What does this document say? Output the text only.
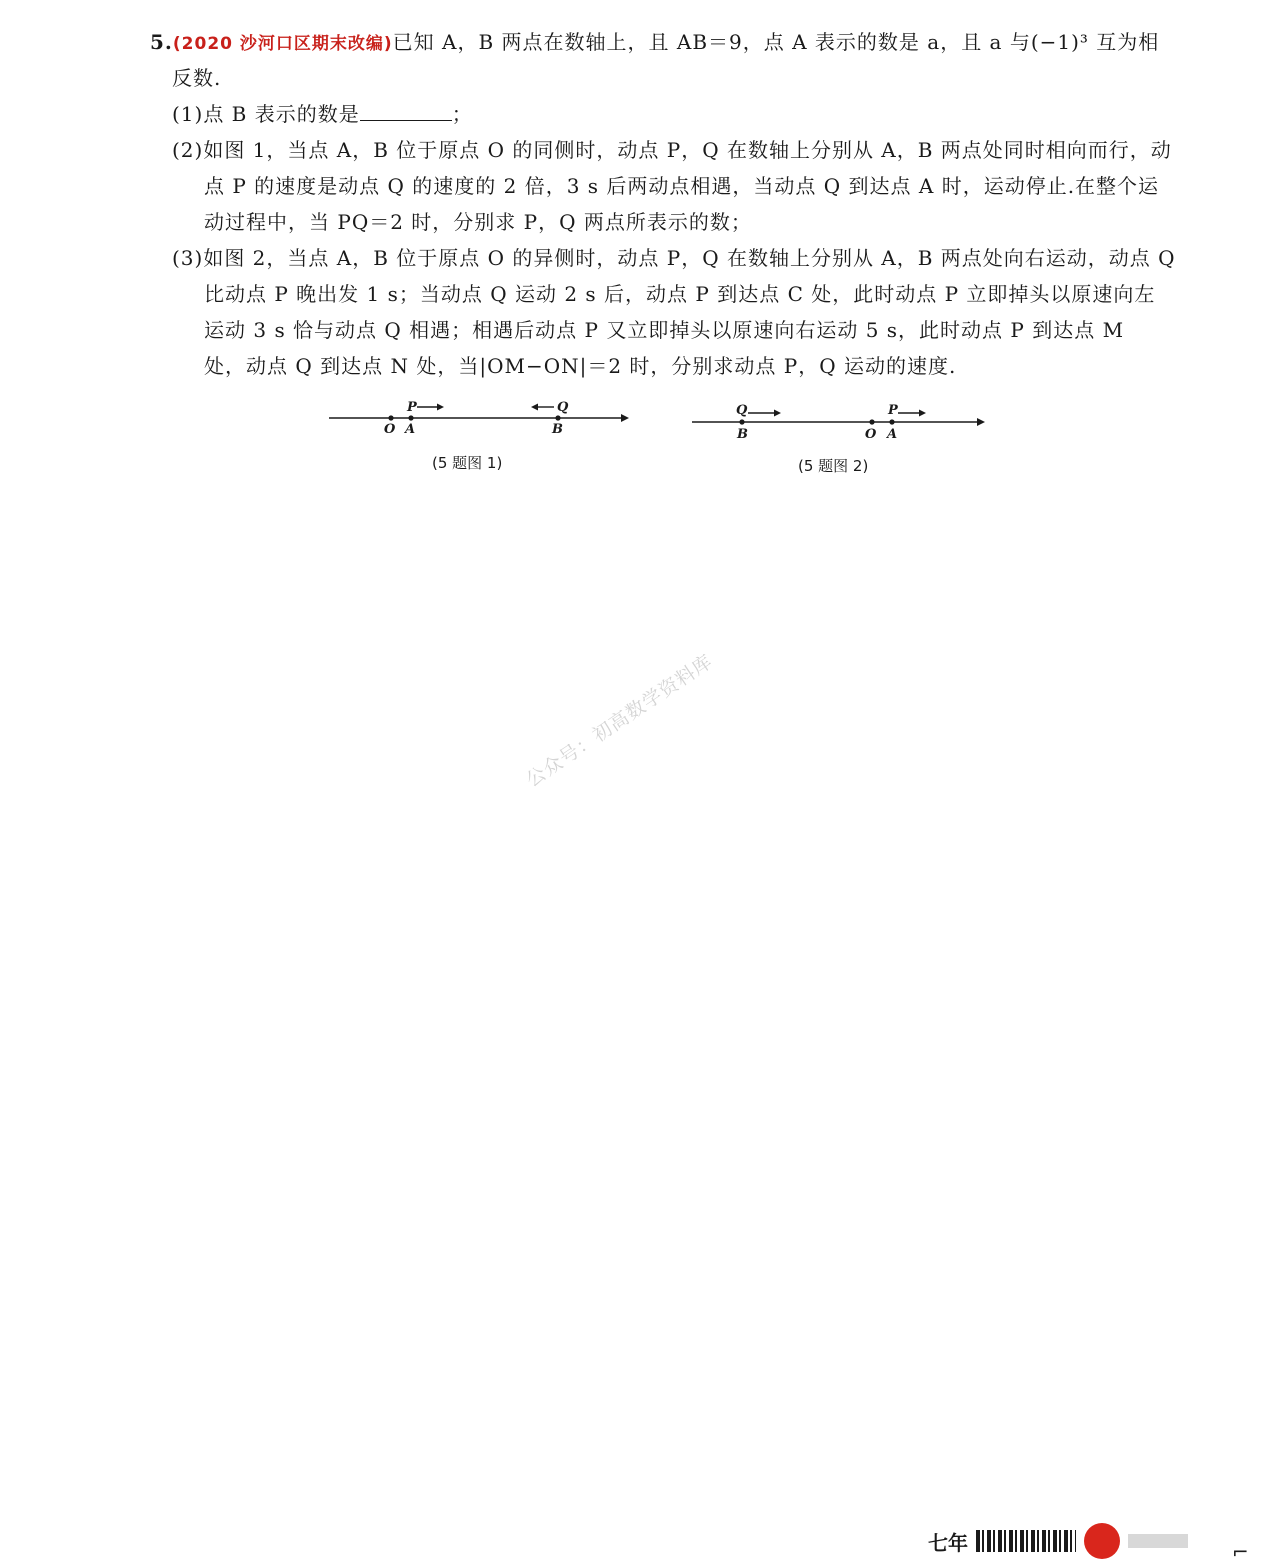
5.(2020 沙河口区期末改编)已知 A，B 两点在数轴上，且 AB＝9，点 A 表示的数是 a，且 a 与(−1)³ 互为相
反数.
(1)点 B 表示的数是	；
(2)如图 1，当点 A，B 位于原点 O 的同侧时，动点 P，Q 在数轴上分别从 A，B 两点处同时相向而行，动
点 P 的速度是动点 Q 的速度的 2 倍，3 s 后两动点相遇，当动点 Q 到达点 A 时，运动停止.在整个运
动过程中，当 PQ＝2 时，分别求 P，Q 两点所表示的数；
(3)如图 2，当点 A，B 位于原点 O 的异侧时，动点 P，Q 在数轴上分别从 A，B 两点处向右运动，动点 Q
比动点 P 晚出发 1 s；当动点 Q 运动 2 s 后，动点 P 到达点 C 处，此时动点 P 立即掉头以原速向左
运动 3 s 恰与动点 Q 相遇；相遇后动点 P 又立即掉头以原速向右运动 5 s，此时动点 P 到达点 M
处，动点 Q 到达点 N 处，当|OM−ON|＝2 时，分别求动点 P，Q 运动的速度.
P	Q
O A	B
(5 题图 1)
Q	P
B	O A
(5 题图 2)
公众号：初高数学资料库
七年	⌐
